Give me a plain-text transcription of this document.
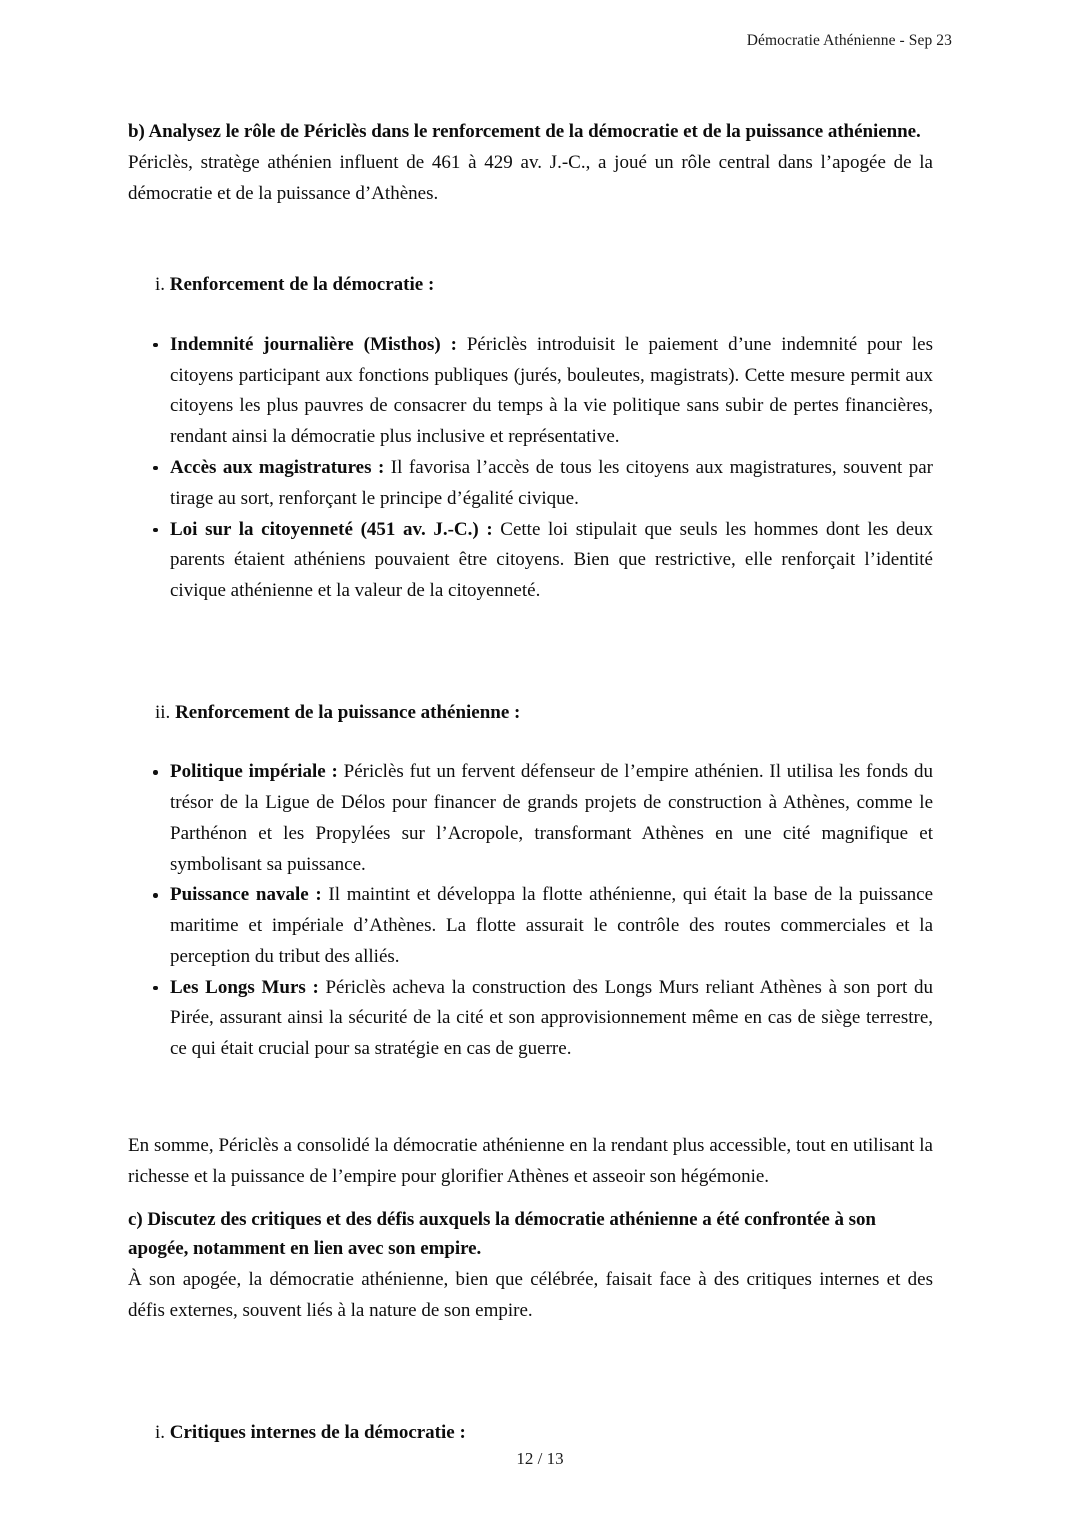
Démocratie Athénienne - Sep 23
b) Analysez le rôle de Périclès dans le renforcement de la démocratie et de la puissance athénienne.

Périclès, stratège athénien influent de 461 à 429 av. J.-C., a joué un rôle central dans l’apogée de la démocratie et de la puissance d’Athènes.

i. Renforcement de la démocratie :

Indemnité journalière (Misthos) : Périclès introduisit le paiement d’une indemnité pour les citoyens participant aux fonctions publiques (jurés, bouleutes, magistrats). Cette mesure permit aux citoyens les plus pauvres de consacrer du temps à la vie politique sans subir de pertes financières, rendant ainsi la démocratie plus inclusive et représentative.
Accès aux magistratures : Il favorisa l’accès de tous les citoyens aux magistratures, souvent par tirage au sort, renforçant le principe d’égalité civique.
Loi sur la citoyenneté (451 av. J.-C.) : Cette loi stipulait que seuls les hommes dont les deux parents étaient athéniens pouvaient être citoyens. Bien que restrictive, elle renforçait l’identité civique athénienne et la valeur de la citoyenneté.

ii. Renforcement de la puissance athénienne :

Politique impériale : Périclès fut un fervent défenseur de l’empire athénien. Il utilisa les fonds du trésor de la Ligue de Délos pour financer de grands projets de construction à Athènes, comme le Parthénon et les Propylées sur l’Acropole, transformant Athènes en une cité magnifique et symbolisant sa puissance.
Puissance navale : Il maintint et développa la flotte athénienne, qui était la base de la puissance maritime et impériale d’Athènes. La flotte assurait le contrôle des routes commerciales et la perception du tribut des alliés.
Les Longs Murs : Périclès acheva la construction des Longs Murs reliant Athènes à son port du Pirée, assurant ainsi la sécurité de la cité et son approvisionnement même en cas de siège terrestre, ce qui était crucial pour sa stratégie en cas de guerre.

En somme, Périclès a consolidé la démocratie athénienne en la rendant plus accessible, tout en utilisant la richesse et la puissance de l’empire pour glorifier Athènes et asseoir son hégémonie.

c) Discutez des critiques et des défis auxquels la démocratie athénienne a été confrontée à son apogée, notamment en lien avec son empire.

À son apogée, la démocratie athénienne, bien que célébrée, faisait face à des critiques internes et des défis externes, souvent liés à la nature de son empire.

i. Critiques internes de la démocratie :

12 / 13
